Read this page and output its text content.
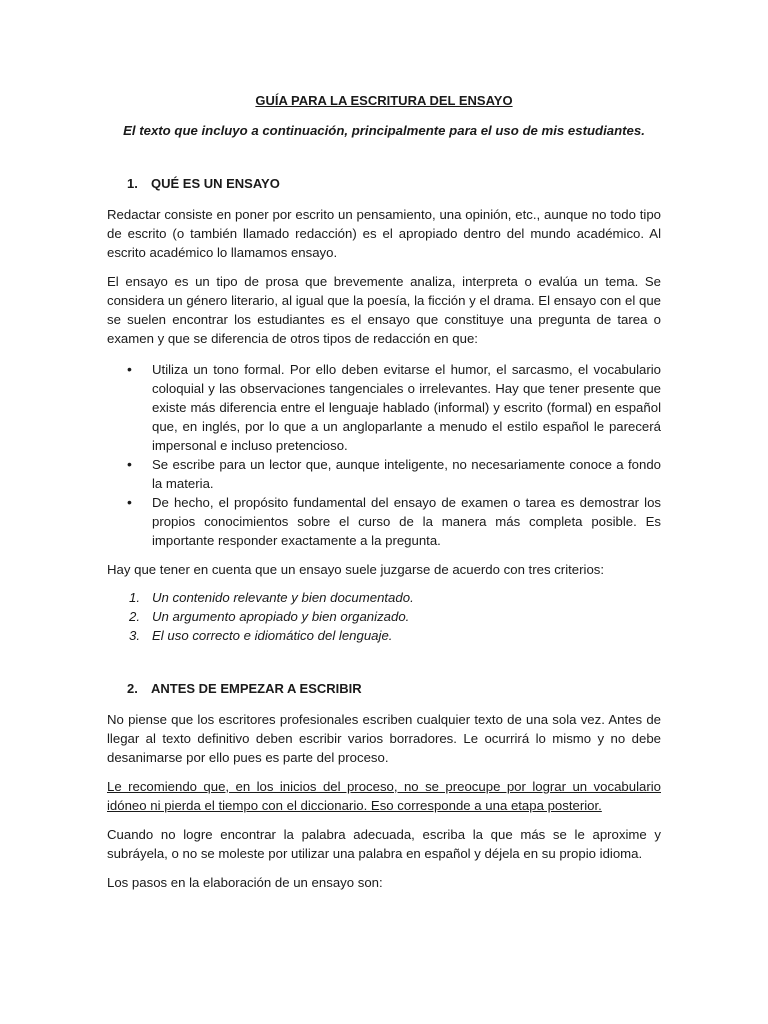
GUÍA PARA LA ESCRITURA DEL ENSAYO

El texto que incluyo a continuación, principalmente para el uso de mis estudiantes.

1.	QUÉ ES UN ENSAYO

Redactar consiste en poner por escrito un pensamiento, una opinión, etc., aunque no todo tipo de escrito (o también llamado redacción) es el apropiado dentro del mundo académico. Al escrito académico lo llamamos ensayo.

El ensayo es un tipo de prosa que brevemente analiza, interpreta o evalúa un tema. Se considera un género literario, al igual que la poesía, la ficción y el drama. El ensayo con el que se suelen encontrar los estudiantes es el ensayo que constituye una pregunta de tarea o examen y que se diferencia de otros tipos de redacción en que:

•	Utiliza un tono formal. Por ello deben evitarse el humor, el sarcasmo, el vocabulario coloquial y las observaciones tangenciales o irrelevantes. Hay que tener presente que existe más diferencia entre el lenguaje hablado (informal) y escrito (formal) en español que, en inglés, por lo que a un angloparlante a menudo el estilo español le parecerá impersonal e incluso pretencioso.
•	Se escribe para un lector que, aunque inteligente, no necesariamente conoce a fondo la materia.
•	De hecho, el propósito fundamental del ensayo de examen o tarea es demostrar los propios conocimientos sobre el curso de la manera más completa posible. Es importante responder exactamente a la pregunta.

Hay que tener en cuenta que un ensayo suele juzgarse de acuerdo con tres criterios:

1. Un contenido relevante y bien documentado.
2. Un argumento apropiado y bien organizado.
3. El uso correcto e idiomático del lenguaje.
2.	ANTES DE EMPEZAR A ESCRIBIR

No piense que los escritores profesionales escriben cualquier texto de una sola vez. Antes de llegar al texto definitivo deben escribir varios borradores. Le ocurrirá lo mismo y no debe desanimarse por ello pues es parte del proceso.

Le recomiendo que, en los inicios del proceso, no se preocupe por lograr un vocabulario idóneo ni pierda el tiempo con el diccionario. Eso corresponde a una etapa posterior.

Cuando no logre encontrar la palabra adecuada, escriba la que más se le aproxime y subráyela, o no se moleste por utilizar una palabra en español y déjela en su propio idioma.

Los pasos en la elaboración de un ensayo son:
